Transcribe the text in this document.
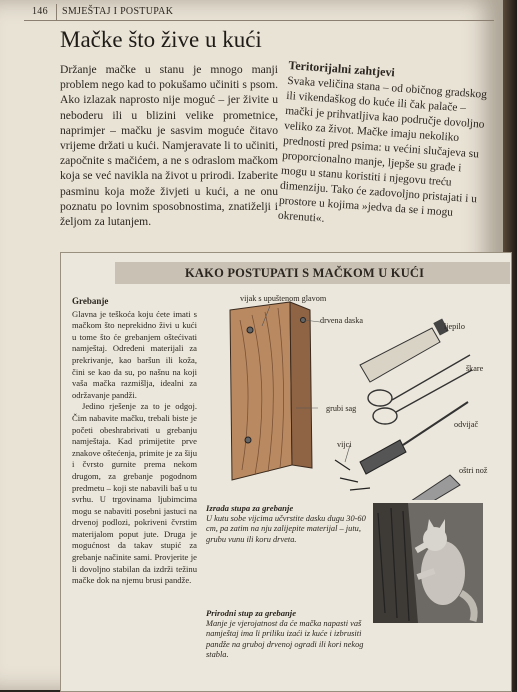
146 SMJEŠTAJ I POSTUPAK
Mačke što žive u kući

Držanje mačke u stanu je mnogo manji problem nego kad to pokušamo učiniti s psom. Ako izlazak naprosto nije moguć – jer živite u neboderu ili u blizini velike prometnice, naprimjer – mačku je sasvim moguće čitavo vrijeme držati u kući. Namjeravate li to učiniti, započnite s mačićem, a ne s odraslom mačkom koja se već navikla na život u prirodi. Izaberite pasminu koja može živjeti u kući, a ne onu poznatu po lovnim sposobnostima, znatiželji i željom za lutanjem.

Teritorijalni zahtjevi

Svaka veličina stana – od običnog gradskog ili vikendaškog do kuće ili čak palače – mački je prihvatljiva kao područje dovoljno veliko za život. Mačke imaju nekoliko prednosti pred psima: u većini slučajeva su proporcionalno manje, ljepše su građe i mogu u stanu koristiti i njegovu treću dimenziju. Tako će zadovoljno pristajati i u prostore u kojima »jedva da se i mogu okrenuti«.

KAKO POSTUPATI S MAČKOM U KUĆI
Grebanje

Glavna je teškoća koju ćete imati s mačkom što neprekidno živi u kući u tome što će grebanjem oštećivati namještaj. Određeni materijali za prekrivanje, kao baršun ili koža, čini se kao da su, po našnu na koji vaša mačka razmišlja, idealni za održavanje pandži.

Jedino rješenje za to je odgoj. Čim nabavite mačku, trebali biste je početi obeshrabrivati u grebanju namještaja. Kad primijetite prve znakove oštećenja, primite je za šiju i čvrsto gurnite prema nekom drugom, za grebanje pogodnom predmetu – koji ste nabavili baš u tu svrhu. U trgovinama ljubimcima mogu se nabaviti posebni jastuci na drvenoj podlozi, pokriveni čvrstim materijalom poput jute. Druga je mogućnost da takav stupić za grebanje načinite sami. Provjerite je li dovoljno stabilan da izdrži težinu mačke dok na njemu brusi pandže.

vijak s upuštenom glavom
drvena daska
ljepilo
škare
grubi sag
odvijač
vijci
oštri nož
Izrada stupa za grebanje

U kutu sobe vijcima učvrstite dasku dugu 30-60 cm, pa zatim na nju zalijepite materijal – jutu, grubu vunu ili koru drveta.

Prirodni stup za grebanje

Manje je vjerojatnost da će mačka napasti vaš namještaj ima li priliku izaći iz kuće i izbrusiti pandže na gruboj drvenoj ogradi ili kori nekog stabla.
